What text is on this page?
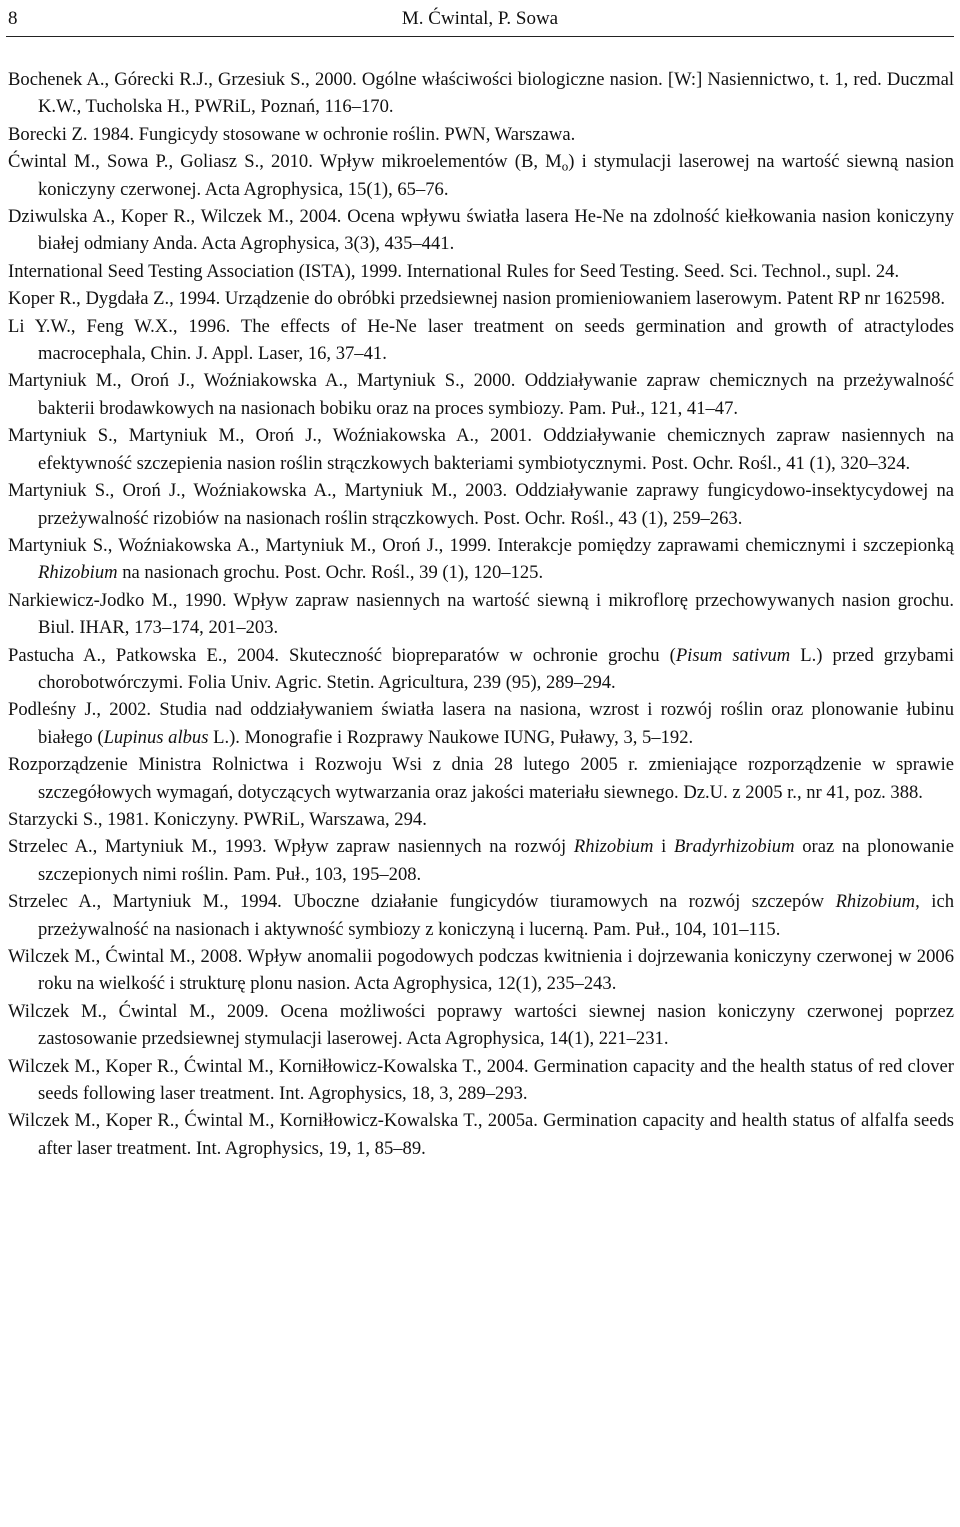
8	M. Ćwintal, P. Sowa

Bochenek A., Górecki R.J., Grzesiuk S., 2000. Ogólne właściwości biologiczne nasion. [W:] Nasiennictwo, t. 1, red. Duczmal K.W., Tucholska H., PWRiL, Poznań, 116–170.

Borecki Z. 1984. Fungicydy stosowane w ochronie roślin. PWN, Warszawa.

Ćwintal M., Sowa P., Goliasz S., 2010. Wpływ mikroelementów (B, $M_o$) i stymulacji laserowej na wartość siewną nasion koniczyny czerwonej. Acta Agrophysica, 15(1), 65–76.

Dziwulska A., Koper R., Wilczek M., 2004. Ocena wpływu światła lasera He-Ne na zdolność kiełkowania nasion koniczyny białej odmiany Anda. Acta Agrophysica, 3(3), 435–441.

International Seed Testing Association (ISTA), 1999. International Rules for Seed Testing. Seed. Sci. Technol., supl. 24.

Koper R., Dygdała Z., 1994. Urządzenie do obróbki przedsiewnej nasion promieniowaniem laserowym. Patent RP nr 162598.

Li Y.W., Feng W.X., 1996. The effects of He-Ne laser treatment on seeds germination and growth of atractylodes macrocephala, Chin. J. Appl. Laser, 16, 37–41.

Martyniuk M., Oroń J., Woźniakowska A., Martyniuk S., 2000. Oddziaływanie zapraw chemicznych na przeżywalność bakterii brodawkowych na nasionach bobiku oraz na proces symbiozy. Pam. Puł., 121, 41–47.

Martyniuk S., Martyniuk M., Oroń J., Woźniakowska A., 2001. Oddziaływanie chemicznych zapraw nasiennych na efektywność szczepienia nasion roślin strączkowych bakteriami symbiotycznymi. Post. Ochr. Rośl., 41 (1), 320–324.

Martyniuk S., Oroń J., Woźniakowska A., Martyniuk M., 2003. Oddziaływanie zaprawy fungicydowo-insektycydowej na przeżywalność rizobiów na nasionach roślin strączkowych. Post. Ochr. Rośl., 43 (1), 259–263.

Martyniuk S., Woźniakowska A., Martyniuk M., Oroń J., 1999. Interakcje pomiędzy zaprawami chemicznymi i szczepionką Rhizobium na nasionach grochu. Post. Ochr. Rośl., 39 (1), 120–125.

Narkiewicz-Jodko M., 1990. Wpływ zapraw nasiennych na wartość siewną i mikroflorę przechowywanych nasion grochu. Biul. IHAR, 173–174, 201–203.

Pastucha A., Patkowska E., 2004. Skuteczność biopreparatów w ochronie grochu (Pisum sativum L.) przed grzybami chorobotwórczymi. Folia Univ. Agric. Stetin. Agricultura, 239 (95), 289–294.

Podleśny J., 2002. Studia nad oddziaływaniem światła lasera na nasiona, wzrost i rozwój roślin oraz plonowanie łubinu białego (Lupinus albus L.). Monografie i Rozprawy Naukowe IUNG, Puławy, 3, 5–192.

Rozporządzenie Ministra Rolnictwa i Rozwoju Wsi z dnia 28 lutego 2005 r. zmieniające rozporządzenie w sprawie szczegółowych wymagań, dotyczących wytwarzania oraz jakości materiału siewnego. Dz.U. z 2005 r., nr 41, poz. 388.

Starzycki S., 1981. Koniczyny. PWRiL, Warszawa, 294.

Strzelec A., Martyniuk M., 1993. Wpływ zapraw nasiennych na rozwój Rhizobium i Bradyrhizobium oraz na plonowanie szczepionych nimi roślin. Pam. Puł., 103, 195–208.

Strzelec A., Martyniuk M., 1994. Uboczne działanie fungicydów tiuramowych na rozwój szczepów Rhizobium, ich przeżywalność na nasionach i aktywność symbiozy z koniczyną i lucerną. Pam. Puł., 104, 101–115.

Wilczek M., Ćwintal M., 2008. Wpływ anomalii pogodowych podczas kwitnienia i dojrzewania koniczyny czerwonej w 2006 roku na wielkość i strukturę plonu nasion. Acta Agrophysica, 12(1), 235–243.

Wilczek M., Ćwintal M., 2009. Ocena możliwości poprawy wartości siewnej nasion koniczyny czerwonej poprzez zastosowanie przedsiewnej stymulacji laserowej. Acta Agrophysica, 14(1), 221–231.

Wilczek M., Koper R., Ćwintal M., Korniłłowicz-Kowalska T., 2004. Germination capacity and the health status of red clover seeds following laser treatment. Int. Agrophysics, 18, 3, 289–293.

Wilczek M., Koper R., Ćwintal M., Korniłłowicz-Kowalska T., 2005a. Germination capacity and health status of alfalfa seeds after laser treatment. Int. Agrophysics, 19, 1, 85–89.
